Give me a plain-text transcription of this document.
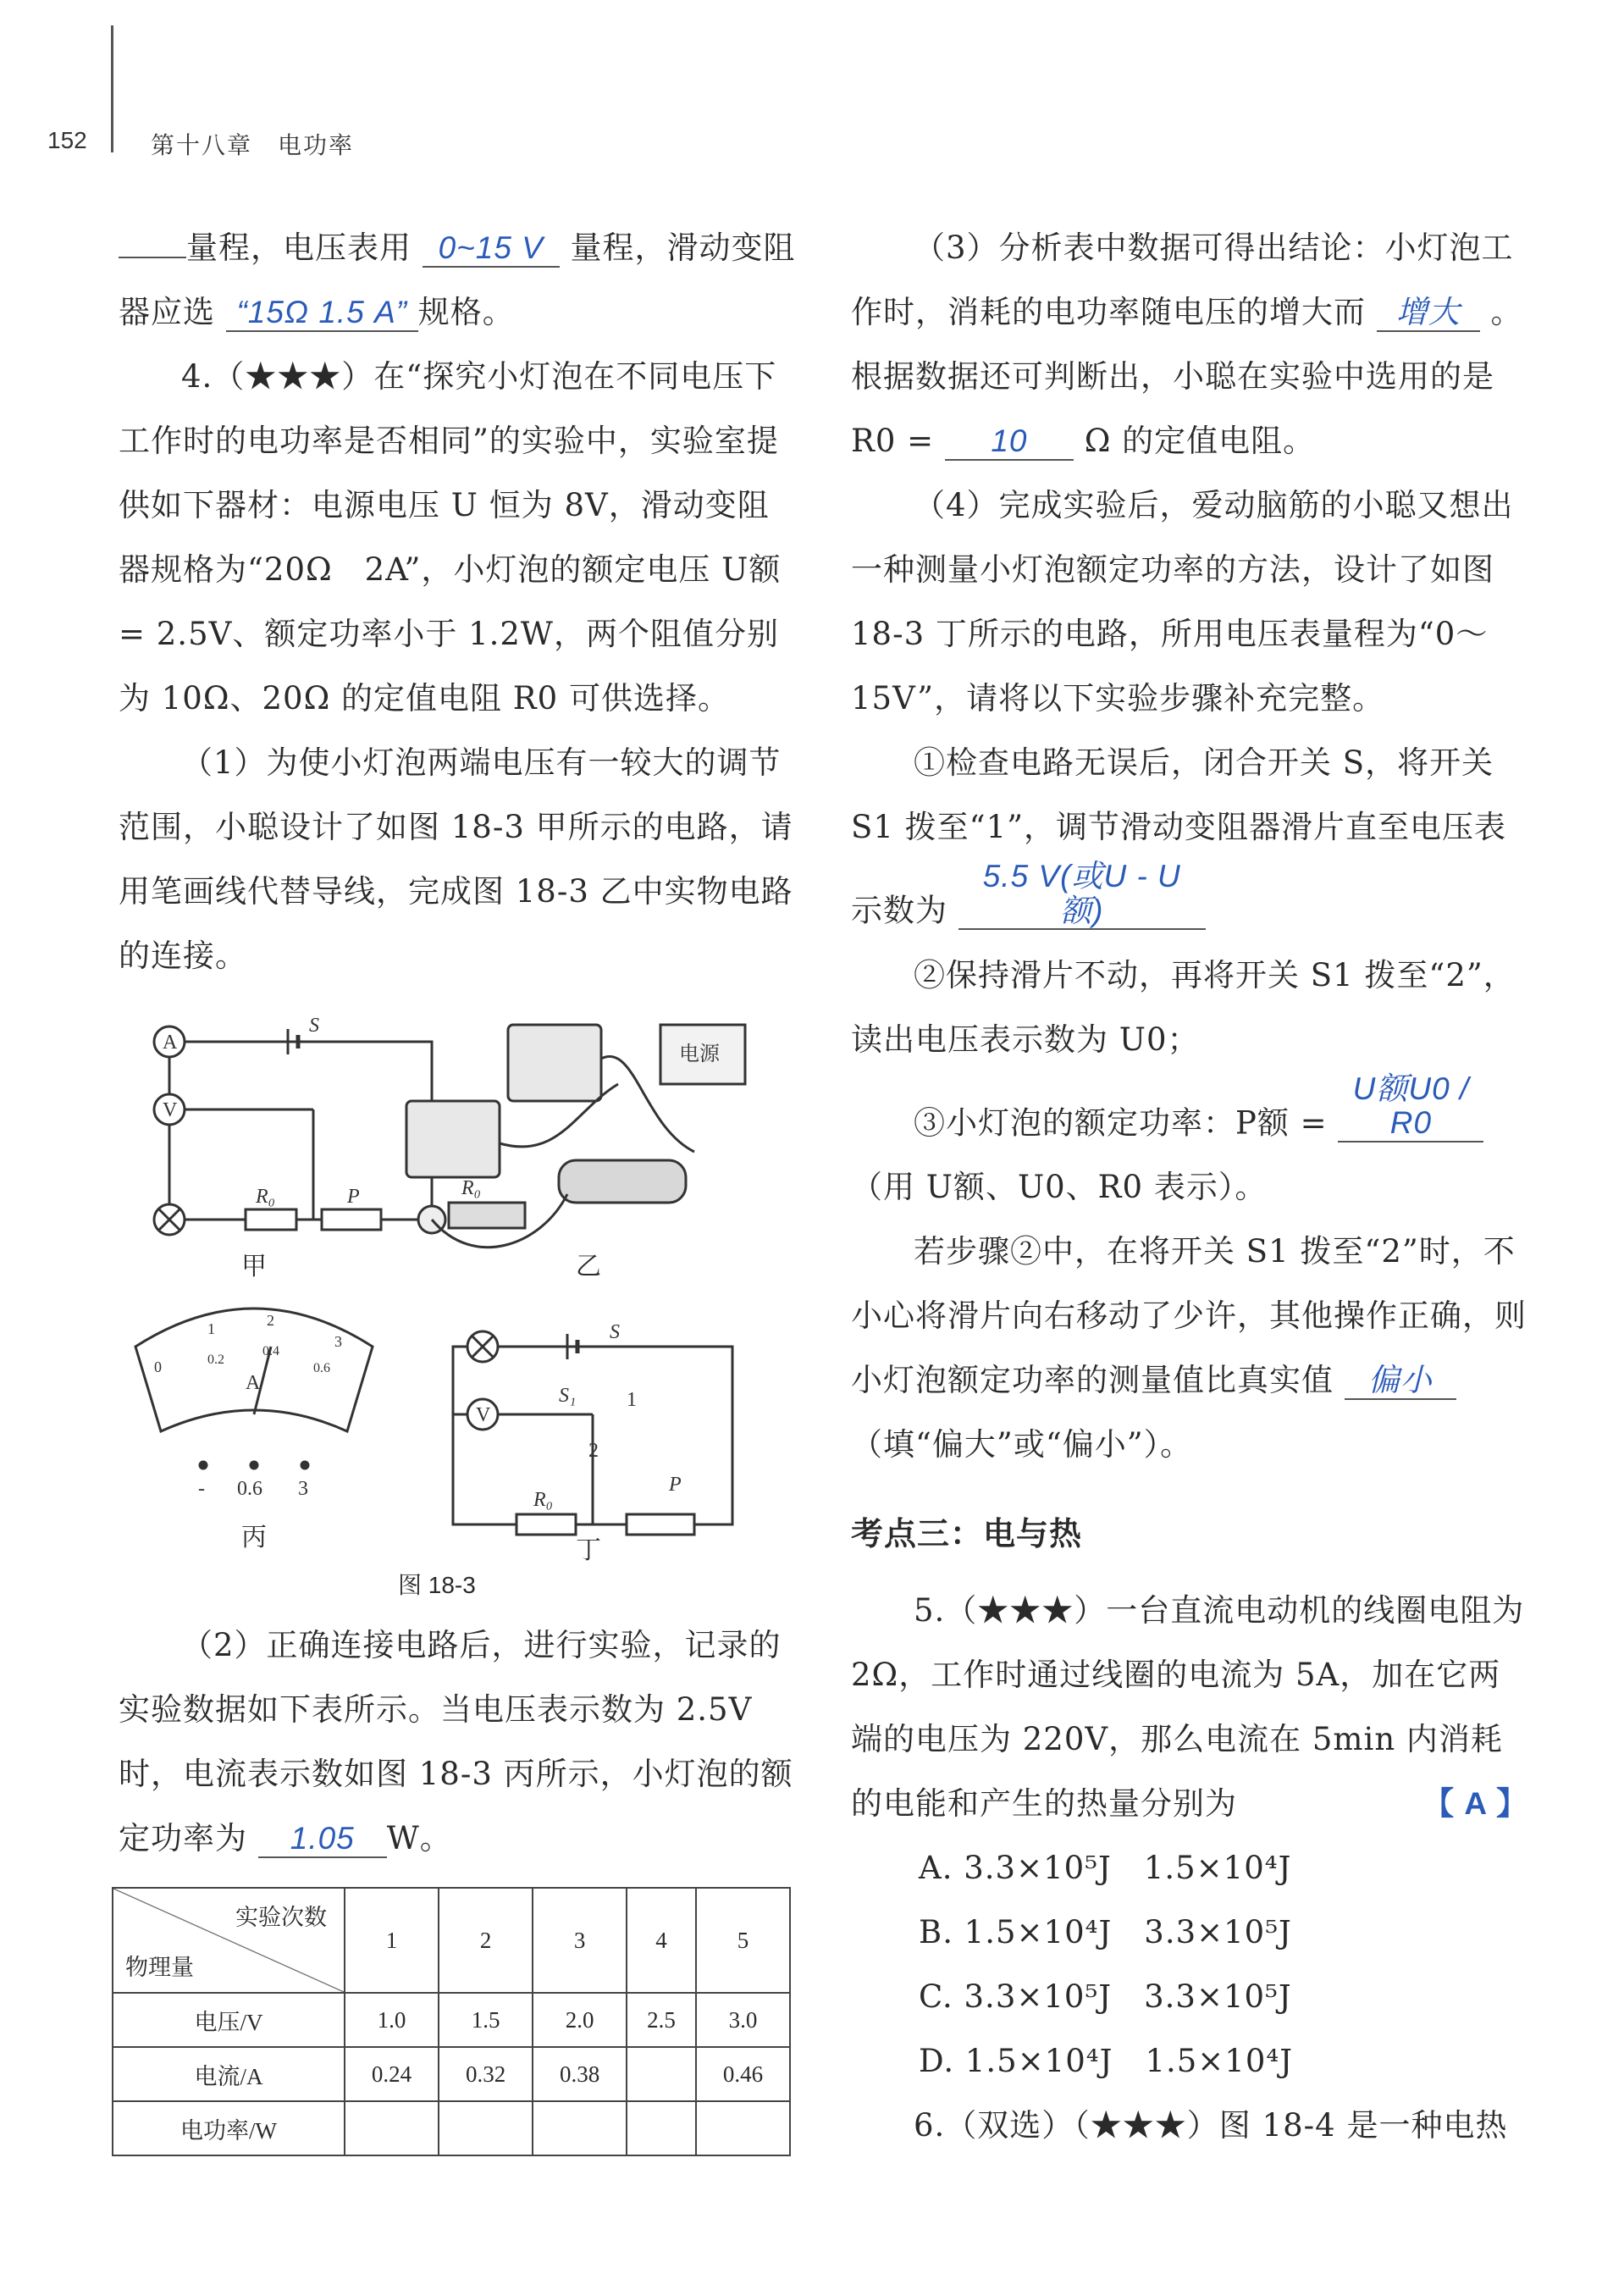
152	第十八章　电功率

量程，电压表用 0~15 V 量程，滑动变阻器应选 “15Ω 1.5 A” 规格。

4.（★★★）在“探究小灯泡在不同电压下工作时的电功率是否相同”的实验中，实验室提供如下器材：电源电压 U 恒为 8V，滑动变阻器规格为“20Ω　2A”，小灯泡的额定电压 U额 = 2.5V、额定功率小于 1.2W，两个阻值分别为 10Ω、20Ω 的定值电阻 R0 可供选择。

（1）为使小灯泡两端电压有一较大的调节范围，小聪设计了如图 18-3 甲所示的电路，请用笔画线代替导线，完成图 18-3 乙中实物电路的连接。

A
V
S
R₀	P
电源
R₀
0
1	2
3
0.2
0.4
0.6
A
- 0.6 3
V
S
S₁ 1
2
R₀
P
甲	乙
丙	丁
图 18-3

（2）正确连接电路后，进行实验，记录的实验数据如下表所示。当电压表示数为 2.5V 时，电流表示数如图 18-3 丙所示，小灯泡的额定功率为 1.05 W。

实验次数
物理量	1	2	3	4	5
电压/V	1.0	1.5	2.0	2.5	3.0
电流/A	0.24	0.32	0.38		0.46
电功率/W					

（3）分析表中数据可得出结论：小灯泡工作时，消耗的电功率随电压的增大而 增大 。根据数据还可判断出，小聪在实验中选用的是 R0 = 10 Ω 的定值电阻。

（4）完成实验后，爱动脑筋的小聪又想出一种测量小灯泡额定功率的方法，设计了如图 18-3 丁所示的电路，所用电压表量程为“0～15V”，请将以下实验步骤补充完整。

①检查电路无误后，闭合开关 S，将开关 S1 拨至“1”，调节滑动变阻器滑片直至电压表示数为 5.5 V(或U - U额)

②保持滑片不动，再将开关 S1 拨至“2”，读出电压表示数为 U0；

③小灯泡的额定功率：P额 = U额U0 / R0 （用 U额、U0、R0 表示）。

若步骤②中，在将开关 S1 拨至“2”时，不小心将滑片向右移动了少许，其他操作正确，则小灯泡额定功率的测量值比真实值 偏小 （填“偏大”或“偏小”）。

考点三：电与热

5.（★★★）一台直流电动机的线圈电阻为 2Ω，工作时通过线圈的电流为 5A，加在它两端的电压为 220V，那么电流在 5min 内消耗的电能和产生的热量分别为	【 A 】

A. 3.3×10⁵J　1.5×10⁴J

B. 1.5×10⁴J　3.3×10⁵J

C. 3.3×10⁵J　3.3×10⁵J

D. 1.5×10⁴J　1.5×10⁴J

6.（双选）（★★★）图 18-4 是一种电热
